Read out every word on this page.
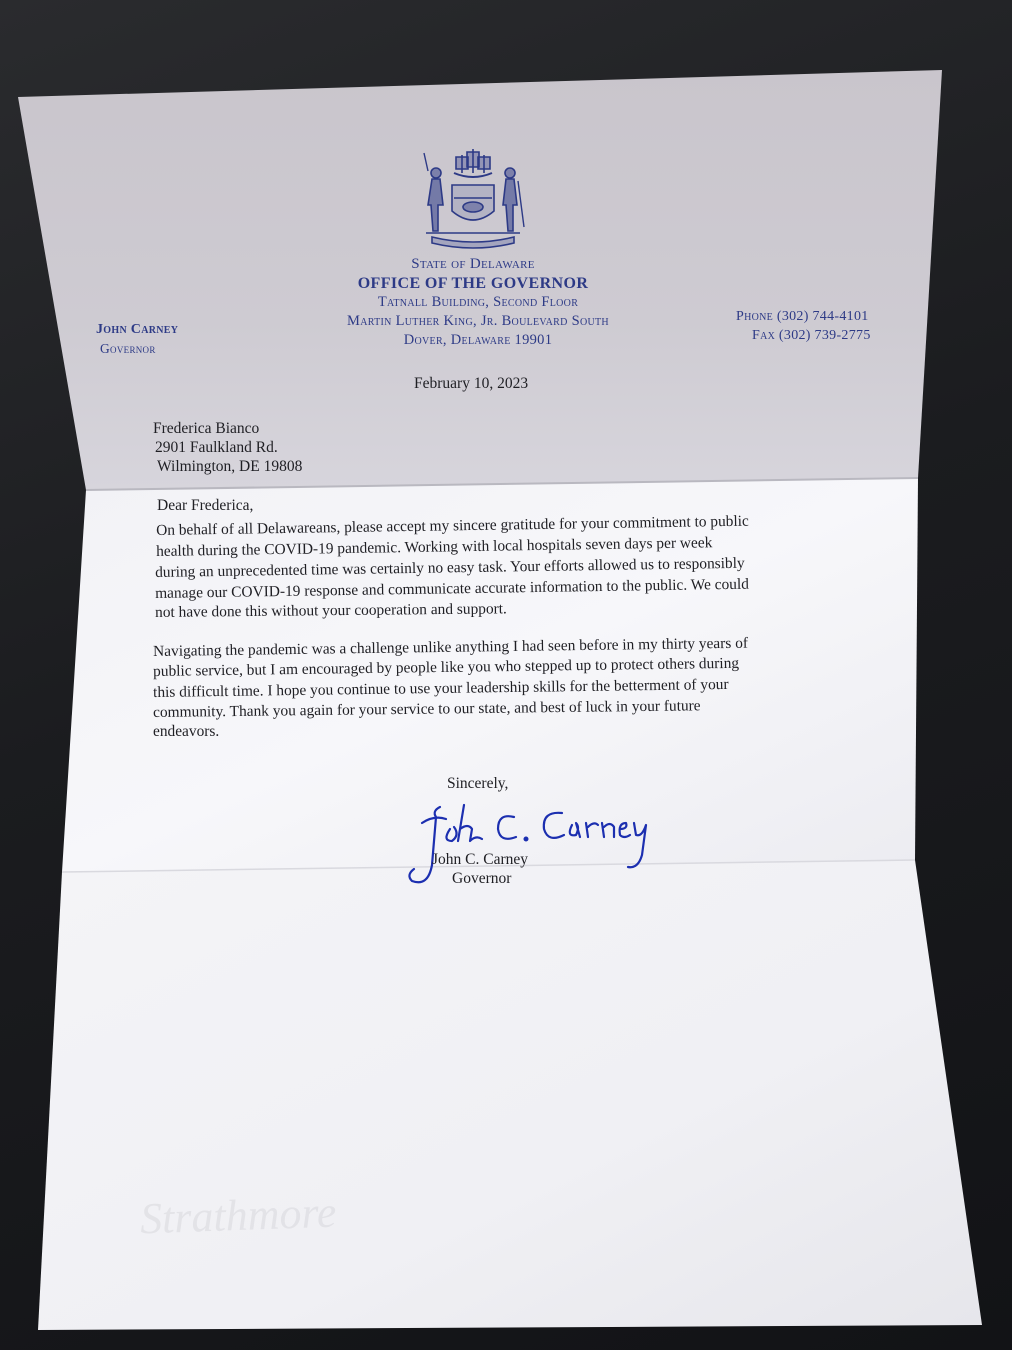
State of Delaware
OFFICE OF THE GOVERNOR
Tatnall Building, Second Floor
Martin Luther King, Jr. Boulevard South
Dover, Delaware 19901
John Carney
Governor
Phone (302) 744-4101
Fax (302) 739-2775
February 10, 2023
Frederica Bianco
2901 Faulkland Rd.
Wilmington, DE 19808
Dear Frederica,
On behalf of all Delawareans, please accept my sincere gratitude for your commitment to public
health during the COVID-19 pandemic. Working with local hospitals seven days per week
during an unprecedented time was certainly no easy task. Your efforts allowed us to responsibly
manage our COVID-19 response and communicate accurate information to the public. We could
not have done this without your cooperation and support.
Navigating the pandemic was a challenge unlike anything I had seen before in my thirty years of
public service, but I am encouraged by people like you who stepped up to protect others during
this difficult time. I hope you continue to use your leadership skills for the betterment of your
community. Thank you again for your service to our state, and best of luck in your future
endeavors.
Sincerely,
John C. Carney
Governor
Strathmore
